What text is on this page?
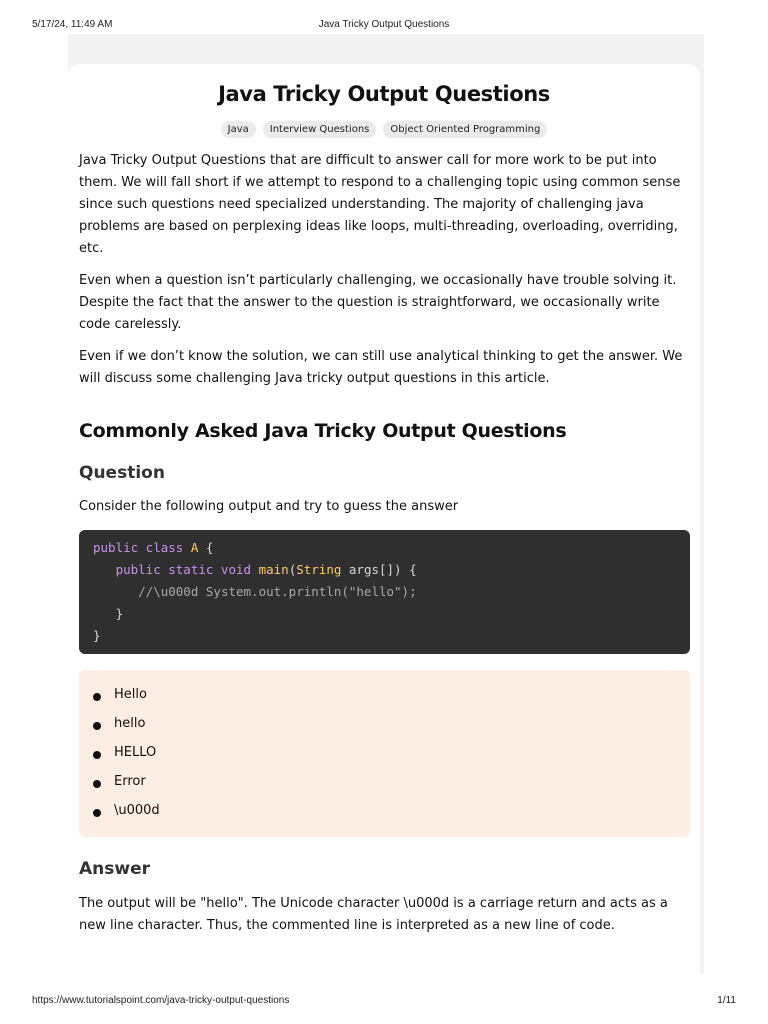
5/17/24, 11:49 AM	Java Tricky Output Questions
Java Tricky Output Questions
Java	Interview Questions	Object Oriented Programming

Java Tricky Output Questions that are difficult to answer call for more work to be put into them. We will fall short if we attempt to respond to a challenging topic using common sense since such questions need specialized understanding. The majority of challenging java problems are based on perplexing ideas like loops, multi-threading, overloading, overriding, etc.

Even when a question isn’t particularly challenging, we occasionally have trouble solving it. Despite the fact that the answer to the question is straightforward, we occasionally write code carelessly.

Even if we don’t know the solution, we can still use analytical thinking to get the answer. We will discuss some challenging Java tricky output questions in this article.

Commonly Asked Java Tricky Output Questions
Question

Consider the following output and try to guess the answer

public class A {
public static void main(String args[]) {
//\u000d System.out.println("hello");
}
}
Hello
hello
HELLO
Error
\u000d
Answer

The output will be "hello". The Unicode character \u000d is a carriage return and acts as a new line character. Thus, the commented line is interpreted as a new line of code.

https://www.tutorialspoint.com/java-tricky-output-questions	1/11
